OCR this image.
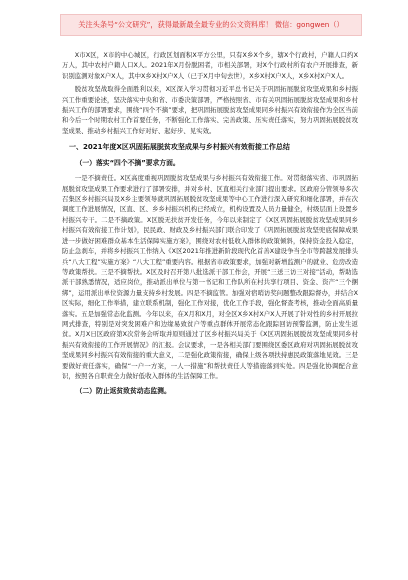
关注头条号“公文研究”，获得最新最全最专业的公文资料库！ 微信：gongwen（）

X市X区，X市的中心城区，行政区划面积X平方公里，只有X乡X个乡，辖X个行政村，户籍人口约X万人，其中农村户籍人口X人。2021年X月份脱困者，市相关部署，对X个行政村所有农户开展排查，新识别监测对象X户X人，其中X乡X村X户X人（已于X月中旬去世），X乡X村X户X人，X乡X村X户X人。

脱贫攻坚战取得全面胜利以来，X区深入学习贯彻习近平总书记关于巩固拓展脱贫攻坚成果和乡村振兴工作重要论述，坚决落实中央和省、市委决策部署，严格按照省、市有关巩固拓展脱贫攻坚成果和乡村振兴工作的部署要求，围绕“四个不摘”要求，把巩固拓展脱贫攻坚成果同乡村振兴有效衔接作为全区当前和今后一个时期农村工作首要任务，不断强化工作落实、完善政策、压实责任落实，努力巩固拓展脱贫攻坚成果、推动乡村振兴工作好对好、起好步、见实效。

一、2021年度X区巩固拓展脱贫攻坚成果与乡村振兴有效衔接工作总结
（一）落实“四个不摘”要求方面。

一是不摘责任。X区高度重视巩固脱贫攻坚成果与乡村振兴有效衔接工作。对贯彻落实省、市巩固拓展脱贫攻坚成果工作要求进行了部署安排，并对乡村、区直相关行业部门提出要求。区政府分管领导多次召集区乡村振兴局及X乡主要领导就巩固拓展脱贫攻坚成果等中心工作进行深入研究和细化部署，并在次调度工作进展情况，区直、区、乡乡村振兴机构已经成立，机构设置及人员力量健全，村级层面上设置乡村振兴专干。二是不摘政策。X区脱无扶贫开发任务，今年以来制定了《X区巩固拓展脱贫攻坚成果同乡村振兴有效衔接工作计划》，民民政、财政及乡村振兴部门联合印发了《巩固拓展脱贫攻坚兜底保障成果进一步做好困难群众基本生活保障实施方案》，围绕对农村低收入群体的政策倾斜，保持资金投入稳定，防止急刹车，并将乡村振兴工作纳入《X区2021年推进新阶段现代化首善X建设争当全市等跨越发展排头兵“八大工程”实施方案》“八大工程”重要内容。根据省市政策要求，加强对新增监测户的就业、危房改造等政策帮扶。三是不摘帮扶。X区及时召开第八批选派干部工作会，开展“三送三访三对接”活动，帮助选派干部熟悉情况，适应岗位，推动派出单位与第一书记和工作队所在村共享行项目、资金、资产“三个捆绑”，运用派出单位资源力量支持乡村发展。四是不摘监管。加强对宿哨访奖问题整改跟踪督办，并结合X区实际，细化工作举措，建立联系机制，强化工作对接，优化工作手段，强化督查考核，推动全面高质量落实。五是加强常态化监测。今年以来，在X月和X月，对全区X乡X村X户X人开展了针对性的乡村开展拉网式排查，特别是对突发困难户和边缘易致贫户等重点群体开展常态化跟踪回访预警监测，防止发生返贫。X月X日区政府第X次常务会听取并原则通过了区乡村振兴局关于《X区巩固拓展脱贫攻坚成果同乡村振兴有效衔接的工作开展情况》的汇报。会议要求，一是各相关部门要围绕区委区政府对巩固拓展脱贫攻坚成果同乡村振兴有效衔接的重大意义，二是强化政策衔接，确保上级各项扶持惠民政策落地见效。三是要做好责任落实，确保“一户一方案，一人一措施”和帮扶责任人等措施落到实处。四是强化协调配合意识，按照各自职责全力做好低收入群体的生活保障工作。

（二）防止返贫致贫动态监测。
